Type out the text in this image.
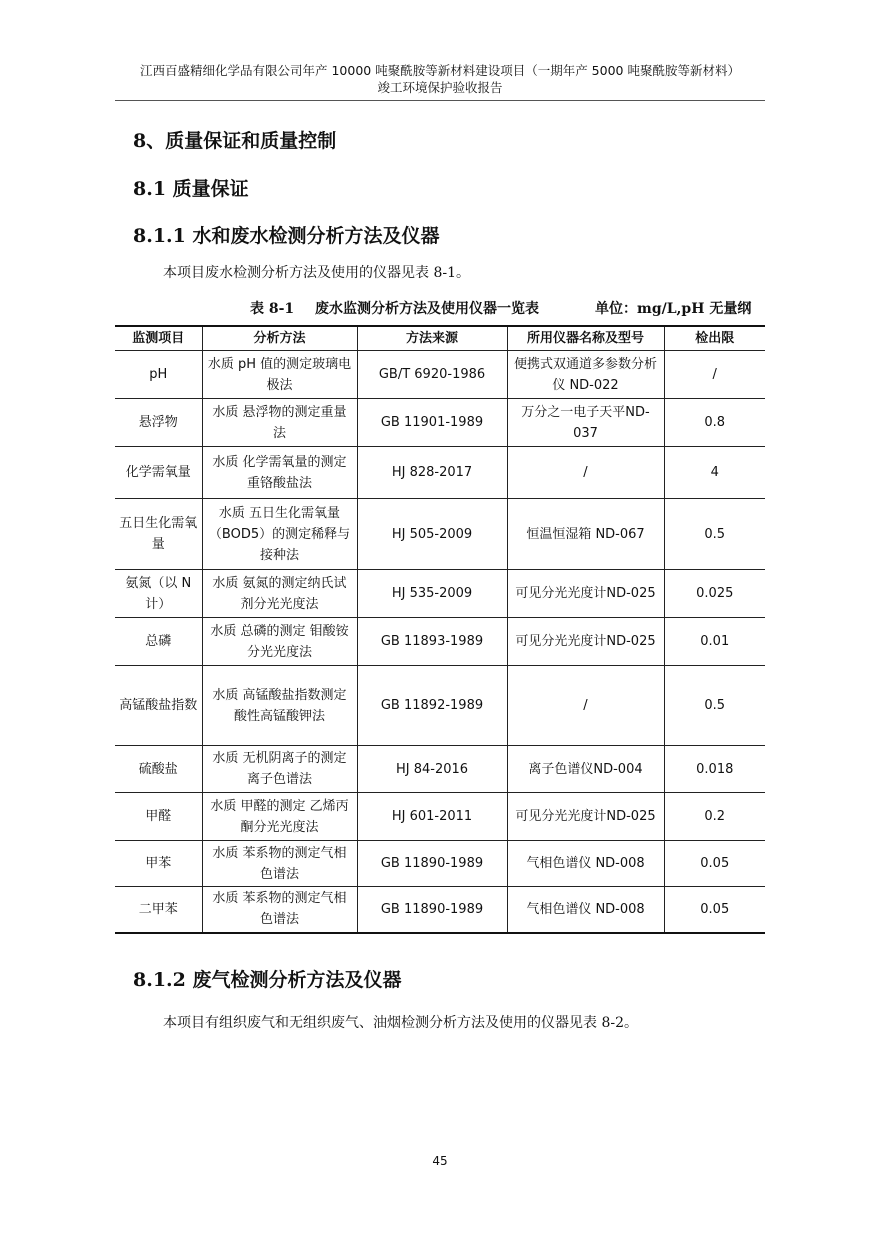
江西百盛精细化学品有限公司年产 10000 吨聚酰胺等新材料建设项目（一期年产 5000 吨聚酰胺等新材料）
竣工环境保护验收报告
8、质量保证和质量控制
8.1 质量保证
8.1.1 水和废水检测分析方法及仪器
本项目废水检测分析方法及使用的仪器见表 8-1。
表 8-1 废水监测分析方法及使用仪器一览表	单位：mg/L,pH 无量纲
监测项目	分析方法	方法来源	所用仪器名称及型号	检出限
pH	水质 pH 值的测定玻璃电极法	GB/T 6920-1986	便携式双通道多参数分析仪 ND-022	/
悬浮物	水质 悬浮物的测定重量法	GB 11901-1989	万分之一电子天平ND-037	0.8
化学需氧量	水质 化学需氧量的测定 重铬酸盐法	HJ 828-2017	/	4
五日生化需氧量	水质 五日生化需氧量（BOD5）的测定稀释与接种法	HJ 505-2009	恒温恒湿箱 ND-067	0.5
氨氮（以 N 计）	水质 氨氮的测定纳氏试剂分光光度法	HJ 535-2009	可见分光光度计ND-025	0.025
总磷	水质 总磷的测定 钼酸铵分光光度法	GB 11893-1989	可见分光光度计ND-025	0.01
高锰酸盐指数	水质 高锰酸盐指数测定 酸性高锰酸钾法	GB 11892-1989	/	0.5
硫酸盐	水质 无机阴离子的测定 离子色谱法	HJ 84-2016	离子色谱仪ND-004	0.018
甲醛	水质 甲醛的测定 乙烯丙酮分光光度法	HJ 601-2011	可见分光光度计ND-025	0.2
甲苯	水质 苯系物的测定气相色谱法	GB 11890-1989	气相色谱仪 ND-008	0.05
二甲苯	水质 苯系物的测定气相色谱法	GB 11890-1989	气相色谱仪 ND-008	0.05
8.1.2 废气检测分析方法及仪器
本项目有组织废气和无组织废气、油烟检测分析方法及使用的仪器见表 8-2。
45
